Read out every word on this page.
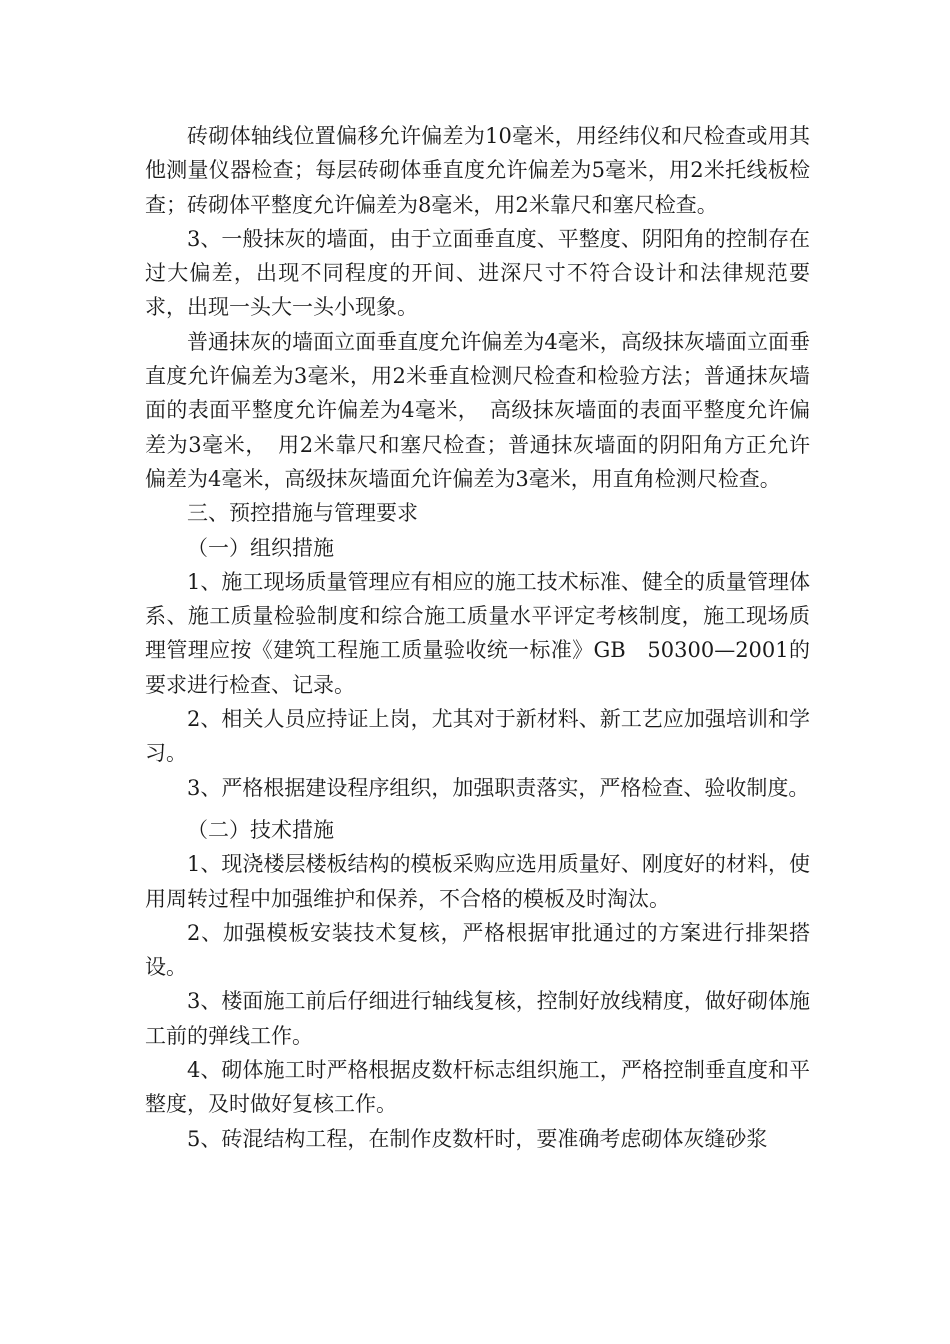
砖砌体轴线位置偏移允许偏差为10毫米，用经纬仪和尺检查或用其他测量仪器检查；每层砖砌体垂直度允许偏差为5毫米，用2米托线板检查；砖砌体平整度允许偏差为8毫米，用2米靠尺和塞尺检查。

3、一般抹灰的墙面，由于立面垂直度、平整度、阴阳角的控制存在过大偏差，出现不同程度的开间、进深尺寸不符合设计和法律规范要求，出现一头大一头小现象。

普通抹灰的墙面立面垂直度允许偏差为4毫米，高级抹灰墙面立面垂直度允许偏差为3毫米，用2米垂直检测尺检查和检验方法；普通抹灰墙面的表面平整度允许偏差为4毫米，　高级抹灰墙面的表面平整度允许偏差为3毫米，　用2米靠尺和塞尺检查；普通抹灰墙面的阴阳角方正允许偏差为4毫米，高级抹灰墙面允许偏差为3毫米，用直角检测尺检查。

三、预控措施与管理要求

（一）组织措施

1、施工现场质量管理应有相应的施工技术标准、健全的质量管理体系、施工质量检验制度和综合施工质量水平评定考核制度，施工现场质理管理应按《建筑工程施工质量验收统一标准》GB　50300—2001的要求进行检查、记录。

2、相关人员应持证上岗，尤其对于新材料、新工艺应加强培训和学习。

3、严格根据建设程序组织，加强职责落实，严格检查、验收制度。

（二）技术措施

1、现浇楼层楼板结构的模板采购应选用质量好、刚度好的材料，使用周转过程中加强维护和保养，不合格的模板及时淘汰。

2、加强模板安装技术复核，严格根据审批通过的方案进行排架搭设。

3、楼面施工前后仔细进行轴线复核，控制好放线精度，做好砌体施工前的弹线工作。

4、砌体施工时严格根据皮数杆标志组织施工，严格控制垂直度和平整度，及时做好复核工作。

5、砖混结构工程，在制作皮数杆时，要准确考虑砌体灰缝砂浆
